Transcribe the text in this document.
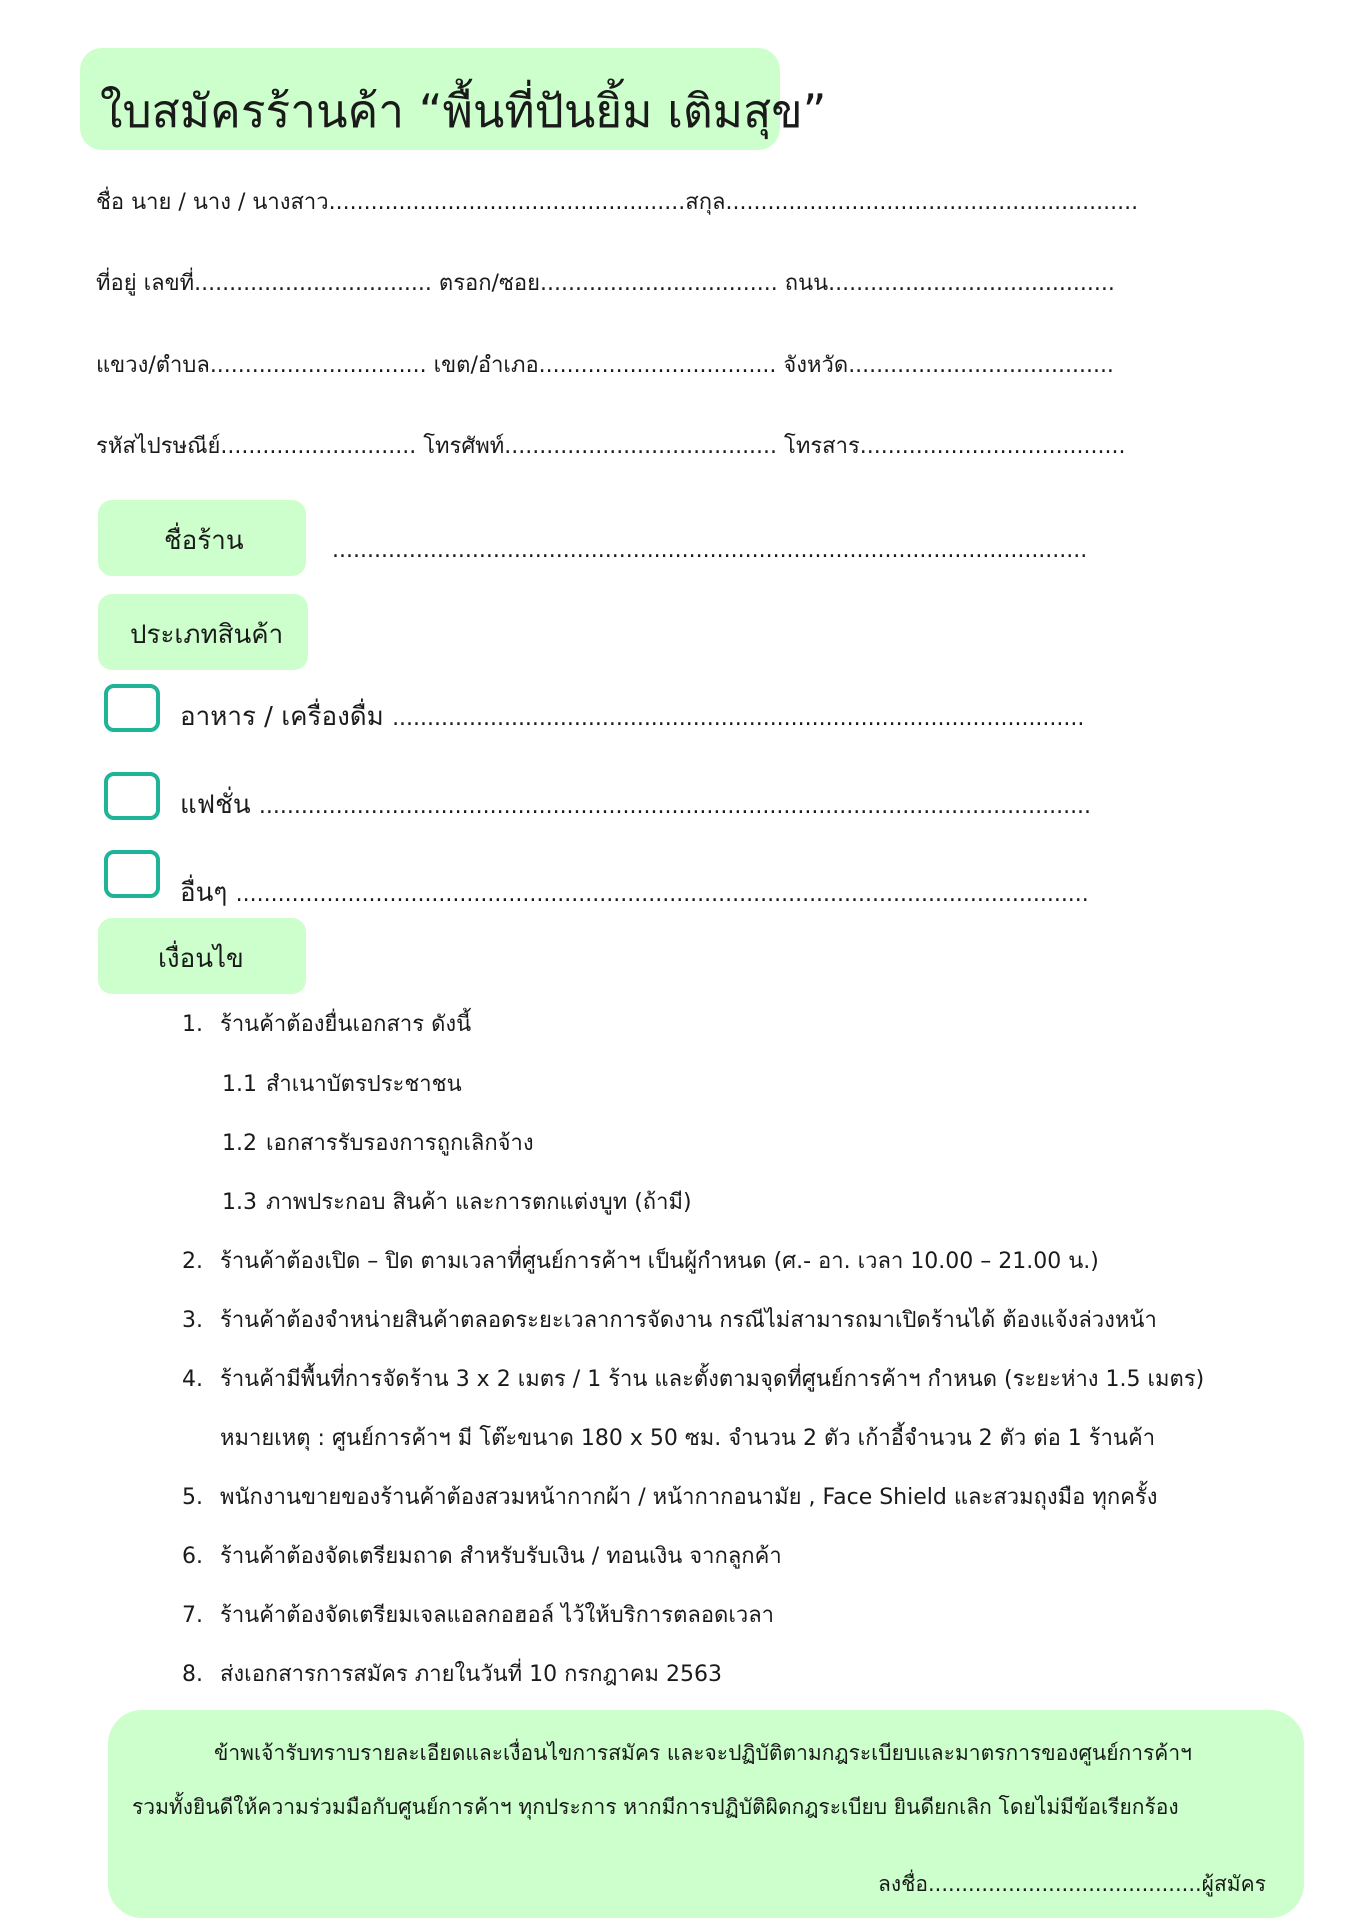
ใบสมัครร้านค้า “พื้นที่ปันยิ้ม เติมสุข”
ชื่อ นาย / นาง / นางสาว...................................................สกุล...........................................................
ที่อยู่ เลขที่.................................. ตรอก/ซอย.................................. ถนน.........................................
แขวง/ตำบล............................... เขต/อำเภอ.................................. จังหวัด......................................
รหัสไปรษณีย์............................ โทรศัพท์....................................... โทรสาร......................................
ชื่อร้าน	............................................................................................................
ประเภทสินค้า
อาหาร / เครื่องดื่ม ...................................................................................................
แฟชั่น .......................................................................................................................
อื่นๆ ..........................................................................................................................
เงื่อนไข
1. ร้านค้าต้องยื่นเอกสาร ดังนี้
1.1 สำเนาบัตรประชาชน
1.2 เอกสารรับรองการถูกเลิกจ้าง
1.3 ภาพประกอบ สินค้า และการตกแต่งบูท (ถ้ามี)
2. ร้านค้าต้องเปิด – ปิด ตามเวลาที่ศูนย์การค้าฯ เป็นผู้กำหนด (ศ.- อา. เวลา 10.00 – 21.00 น.)
3. ร้านค้าต้องจำหน่ายสินค้าตลอดระยะเวลาการจัดงาน กรณีไม่สามารถมาเปิดร้านได้ ต้องแจ้งล่วงหน้า
4. ร้านค้ามีพื้นที่การจัดร้าน 3 x 2 เมตร / 1 ร้าน และตั้งตามจุดที่ศูนย์การค้าฯ กำหนด (ระยะห่าง 1.5 เมตร)
หมายเหตุ : ศูนย์การค้าฯ มี โต๊ะขนาด 180 x 50 ซม. จำนวน 2 ตัว เก้าอี้จำนวน 2 ตัว ต่อ 1 ร้านค้า
5. พนักงานขายของร้านค้าต้องสวมหน้ากากผ้า / หน้ากากอนามัย , Face Shield และสวมถุงมือ ทุกครั้ง
6. ร้านค้าต้องจัดเตรียมถาด สำหรับรับเงิน / ทอนเงิน จากลูกค้า
7. ร้านค้าต้องจัดเตรียมเจลแอลกอฮอล์ ไว้ให้บริการตลอดเวลา
8. ส่งเอกสารการสมัคร ภายในวันที่ 10 กรกฎาคม 2563
ข้าพเจ้ารับทราบรายละเอียดและเงื่อนไขการสมัคร และจะปฏิบัติตามกฎระเบียบและมาตรการของศูนย์การค้าฯ
รวมทั้งยินดีให้ความร่วมมือกับศูนย์การค้าฯ ทุกประการ หากมีการปฏิบัติผิดกฎระเบียบ ยินดียกเลิก โดยไม่มีข้อเรียกร้อง
ลงชื่อ.........................................ผู้สมัคร
